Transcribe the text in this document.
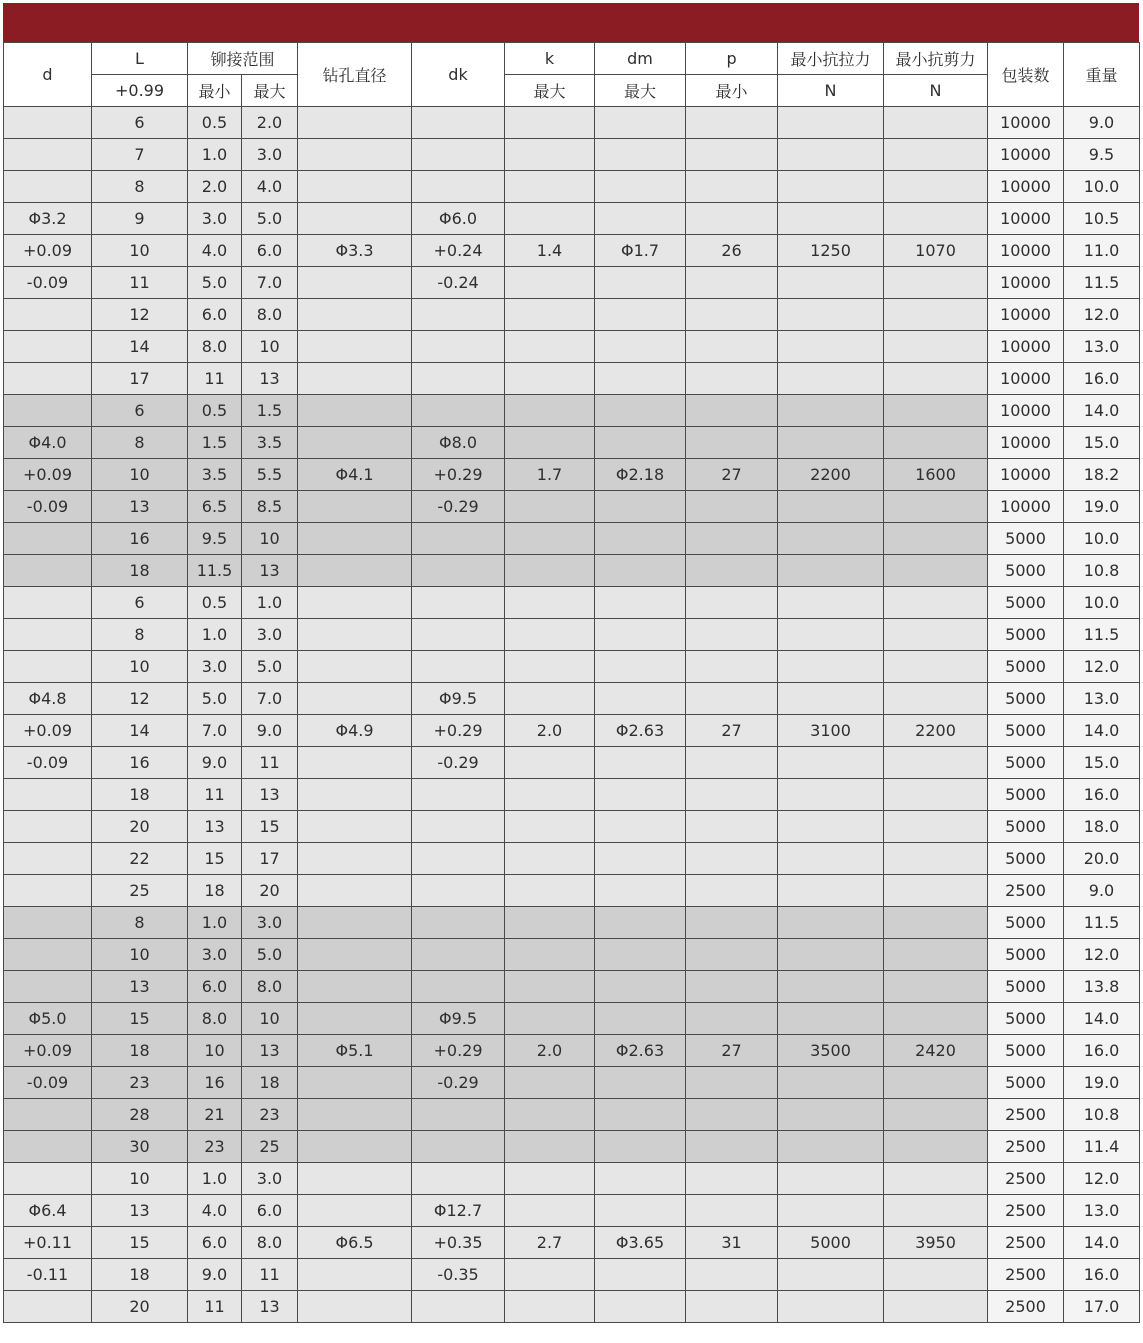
d	L	铆接范围		钻孔直径	dk	k	dm	p	最小抗拉力	最小抗剪力	包装数	重量
	+0.99	最小	最大			最大	最大	最小	N	N		
	6	0.5	2.0								10000	9.0
	7	1.0	3.0								10000	9.5
	8	2.0	4.0								10000	10.0
Φ3.2	9	3.0	5.0		Φ6.0						10000	10.5
+0.09	10	4.0	6.0	Φ3.3	+0.24	1.4	Φ1.7	26	1250	1070	10000	11.0
-0.09	11	5.0	7.0		-0.24						10000	11.5
	12	6.0	8.0								10000	12.0
	14	8.0	10								10000	13.0
	17	11	13								10000	16.0
	6	0.5	1.5								10000	14.0
Φ4.0	8	1.5	3.5		Φ8.0						10000	15.0
+0.09	10	3.5	5.5	Φ4.1	+0.29	1.7	Φ2.18	27	2200	1600	10000	18.2
-0.09	13	6.5	8.5		-0.29						10000	19.0
	16	9.5	10								5000	10.0
	18	11.5	13								5000	10.8
	6	0.5	1.0								5000	10.0
	8	1.0	3.0								5000	11.5
	10	3.0	5.0								5000	12.0
Φ4.8	12	5.0	7.0		Φ9.5						5000	13.0
+0.09	14	7.0	9.0	Φ4.9	+0.29	2.0	Φ2.63	27	3100	2200	5000	14.0
-0.09	16	9.0	11		-0.29						5000	15.0
	18	11	13								5000	16.0
	20	13	15								5000	18.0
	22	15	17								5000	20.0
	25	18	20								2500	9.0
	8	1.0	3.0								5000	11.5
	10	3.0	5.0								5000	12.0
	13	6.0	8.0								5000	13.8
Φ5.0	15	8.0	10		Φ9.5						5000	14.0
+0.09	18	10	13	Φ5.1	+0.29	2.0	Φ2.63	27	3500	2420	5000	16.0
-0.09	23	16	18		-0.29						5000	19.0
	28	21	23								2500	10.8
	30	23	25								2500	11.4
	10	1.0	3.0								2500	12.0
Φ6.4	13	4.0	6.0		Φ12.7						2500	13.0
+0.11	15	6.0	8.0	Φ6.5	+0.35	2.7	Φ3.65	31	5000	3950	2500	14.0
-0.11	18	9.0	11		-0.35						2500	16.0
	20	11	13								2500	17.0
